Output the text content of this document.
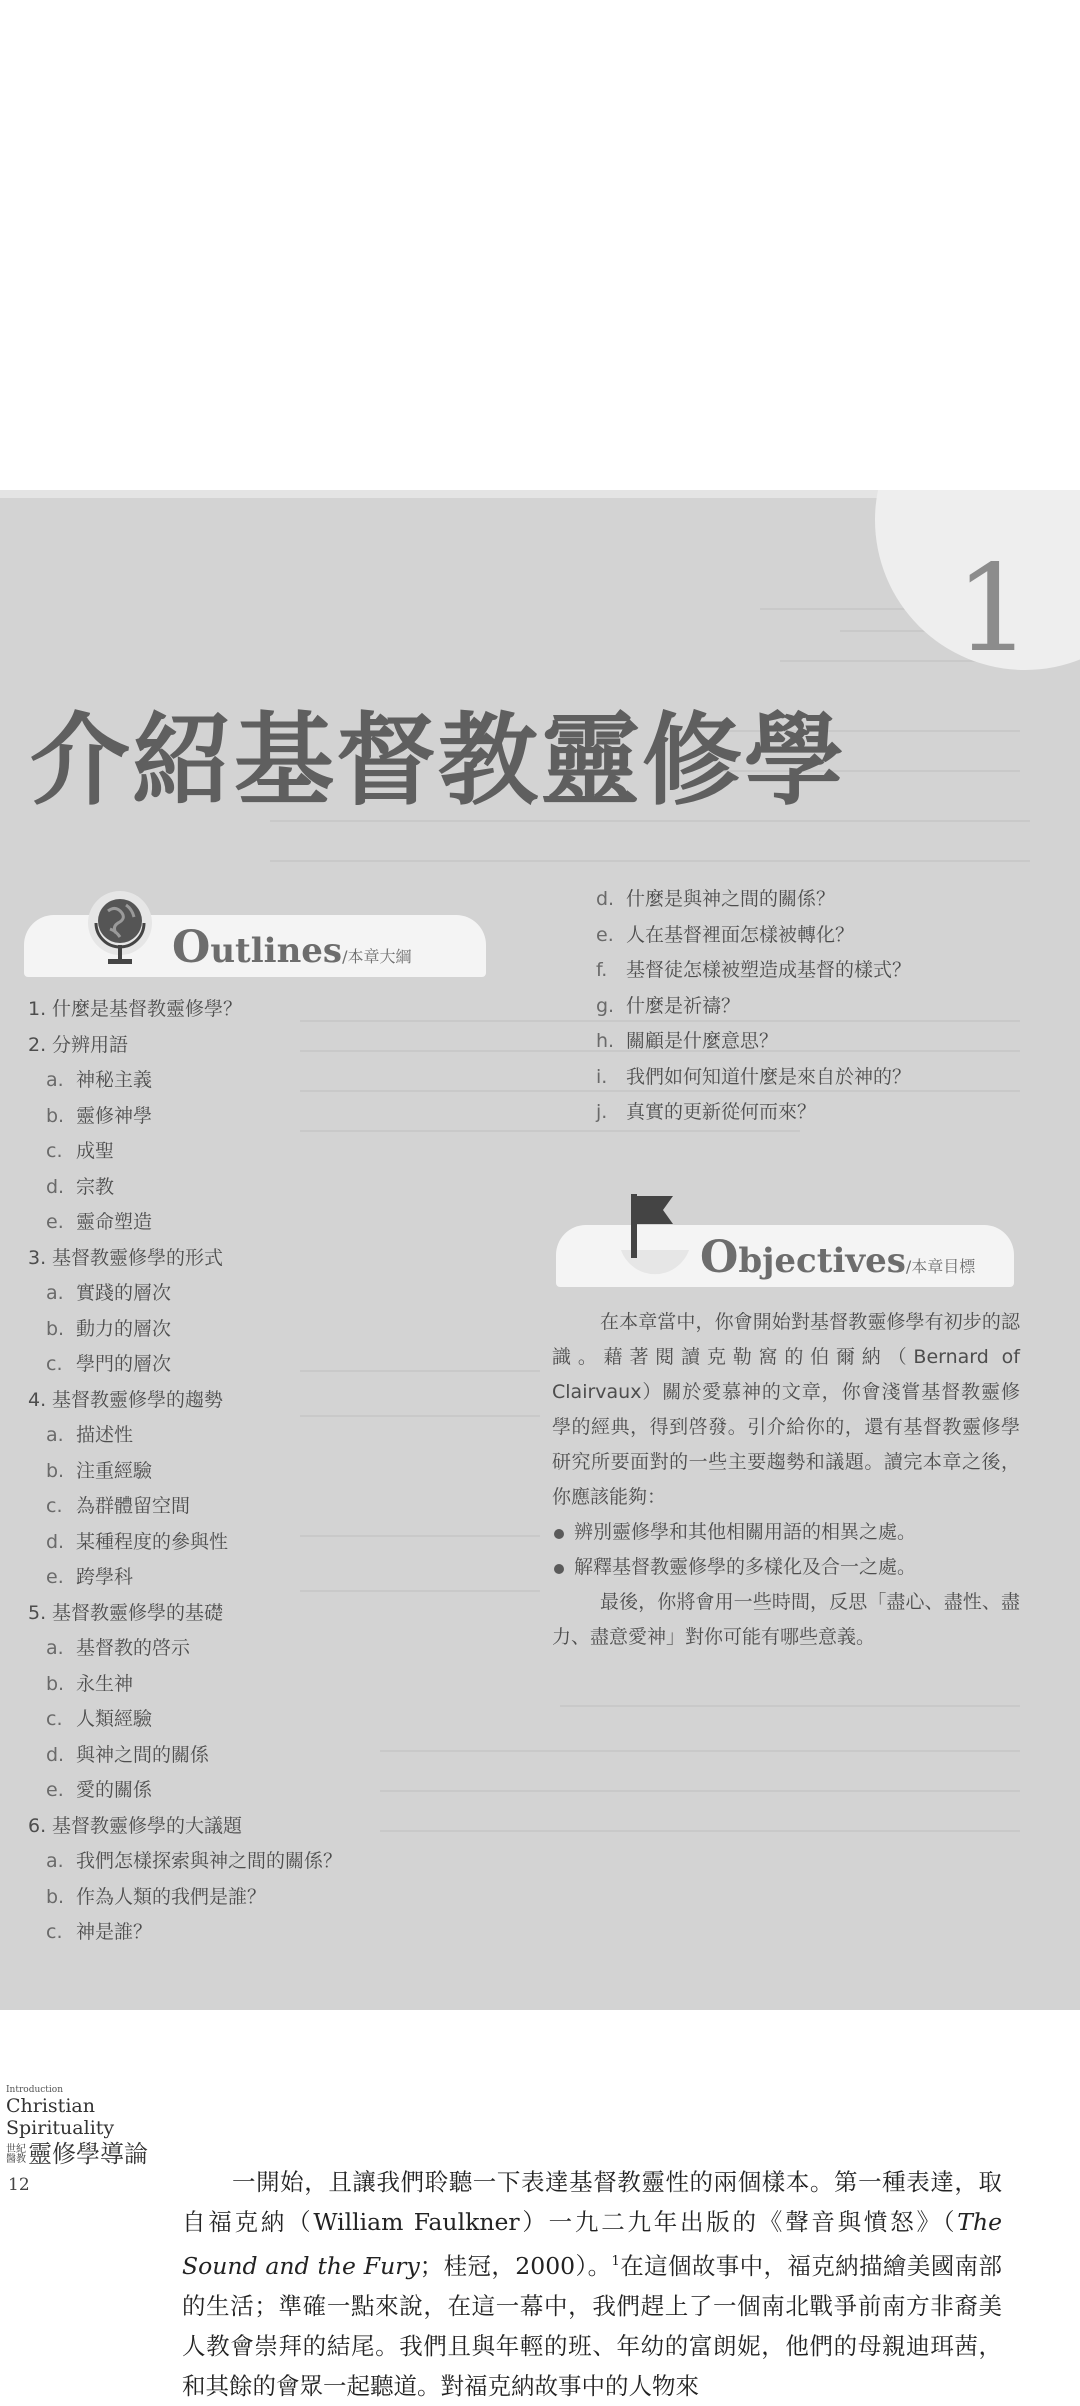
1
介紹基督教靈修學
Outlines/本章大綱
1. 什麼是基督教靈修學？
2. 分辨用語
a. 神秘主義
b. 靈修神學
c. 成聖
d. 宗教
e. 靈命塑造
3. 基督教靈修學的形式
a. 實踐的層次
b. 動力的層次
c. 學門的層次
4. 基督教靈修學的趨勢
a. 描述性
b. 注重經驗
c. 為群體留空間
d. 某種程度的參與性
e. 跨學科
5. 基督教靈修學的基礎
a. 基督教的啓示
b. 永生神
c. 人類經驗
d. 與神之間的關係
e. 愛的關係
6. 基督教靈修學的大議題
a. 我們怎樣探索與神之間的關係？
b. 作為人類的我們是誰？
c. 神是誰？
d. 什麼是與神之間的關係？
e. 人在基督裡面怎樣被轉化？
f. 基督徒怎樣被塑造成基督的樣式？
g. 什麼是祈禱？
h. 關顧是什麼意思？
i. 我們如何知道什麼是來自於神的？
j. 真實的更新從何而來？
Objectives/本章目標

在本章當中，你會開始對基督教靈修學有初步的認識。藉著閱讀克勒窩的伯爾納（Bernard of Clairvaux）關於愛慕神的文章，你會淺嘗基督教靈修學的經典，得到啓發。引介給你的，還有基督教靈修學研究所要面對的一些主要趨勢和議題。讀完本章之後，你應該能夠：

辨別靈修學和其他相關用語的相異之處。

解釋基督教靈修學的多樣化及合一之處。

最後，你將會用一些時間，反思「盡心、盡性、盡力、盡意愛神」對你可能有哪些意義。

Introduction
Christian Spirituality
世紀 醫教靈修學導論
12	一開始，且讓我們聆聽一下表達基督教靈性的兩個樣本。第一種表達，取自福克納（William Faulkner）一九二九年出版的《聲音與憤怒》（The Sound and the Fury；桂冠，2000）。$^1$在這個故事中，福克納描繪美國南部的生活；準確一點來說，在這一幕中，我們趕上了一個南北戰爭前南方非裔美人教會崇拜的結尾。我們且與年輕的班、年幼的富朗妮，他們的母親迪珥茜，和其餘的會眾一起聽道。對福克納故事中的人物來
